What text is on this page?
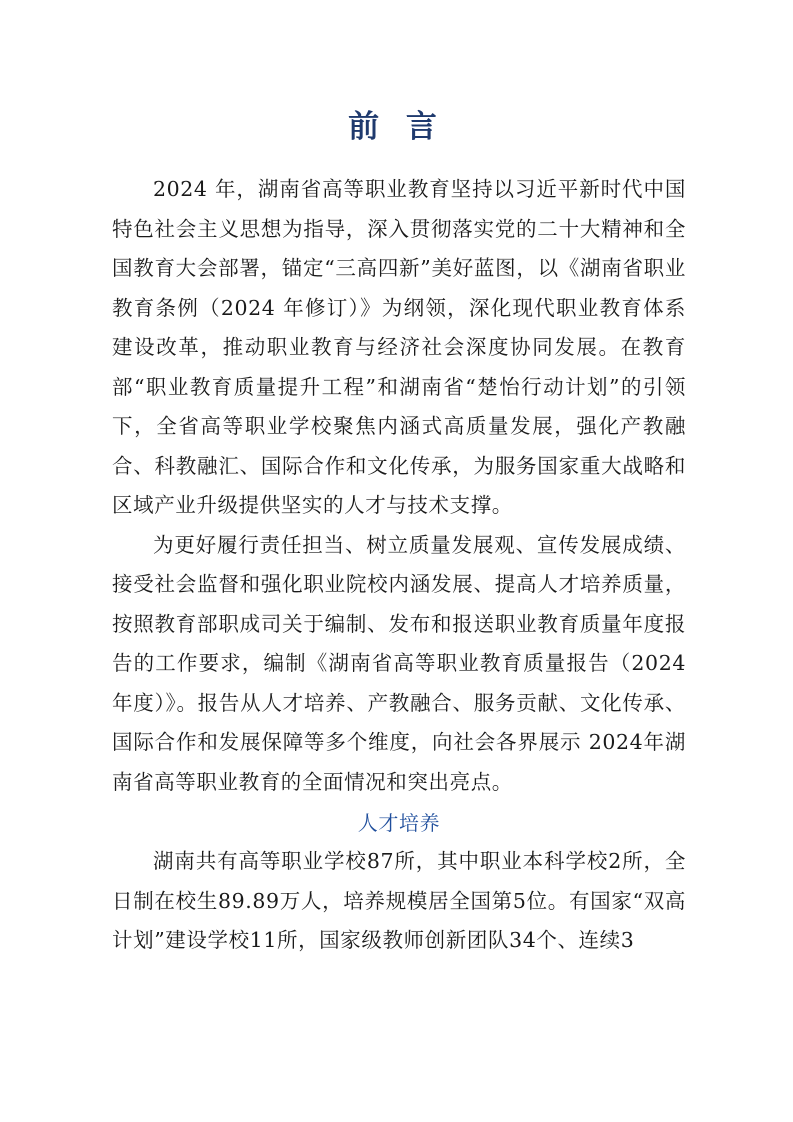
前 言

2024 年，湖南省高等职业教育坚持以习近平新时代中国特色社会主义思想为指导，深入贯彻落实党的二十大精神和全国教育大会部署，锚定“三高四新”美好蓝图，以《湖南省职业教育条例（2024 年修订）》为纲领，深化现代职业教育体系建设改革，推动职业教育与经济社会深度协同发展。在教育部“职业教育质量提升工程”和湖南省“楚怡行动计划”的引领下，全省高等职业学校聚焦内涵式高质量发展，强化产教融合、科教融汇、国际合作和文化传承，为服务国家重大战略和区域产业升级提供坚实的人才与技术支撑。

为更好履行责任担当、树立质量发展观、宣传发展成绩、接受社会监督和强化职业院校内涵发展、提高人才培养质量，按照教育部职成司关于编制、发布和报送职业教育质量年度报告的工作要求，编制《湖南省高等职业教育质量报告（2024年度）》。报告从人才培养、产教融合、服务贡献、文化传承、国际合作和发展保障等多个维度，向社会各界展示 2024年湖南省高等职业教育的全面情况和突出亮点。

人才培养

湖南共有高等职业学校87所，其中职业本科学校2所，全日制在校生89.89万人，培养规模居全国第5位。有国家“双高计划”建设学校11所，国家级教师创新团队34个、连续3
